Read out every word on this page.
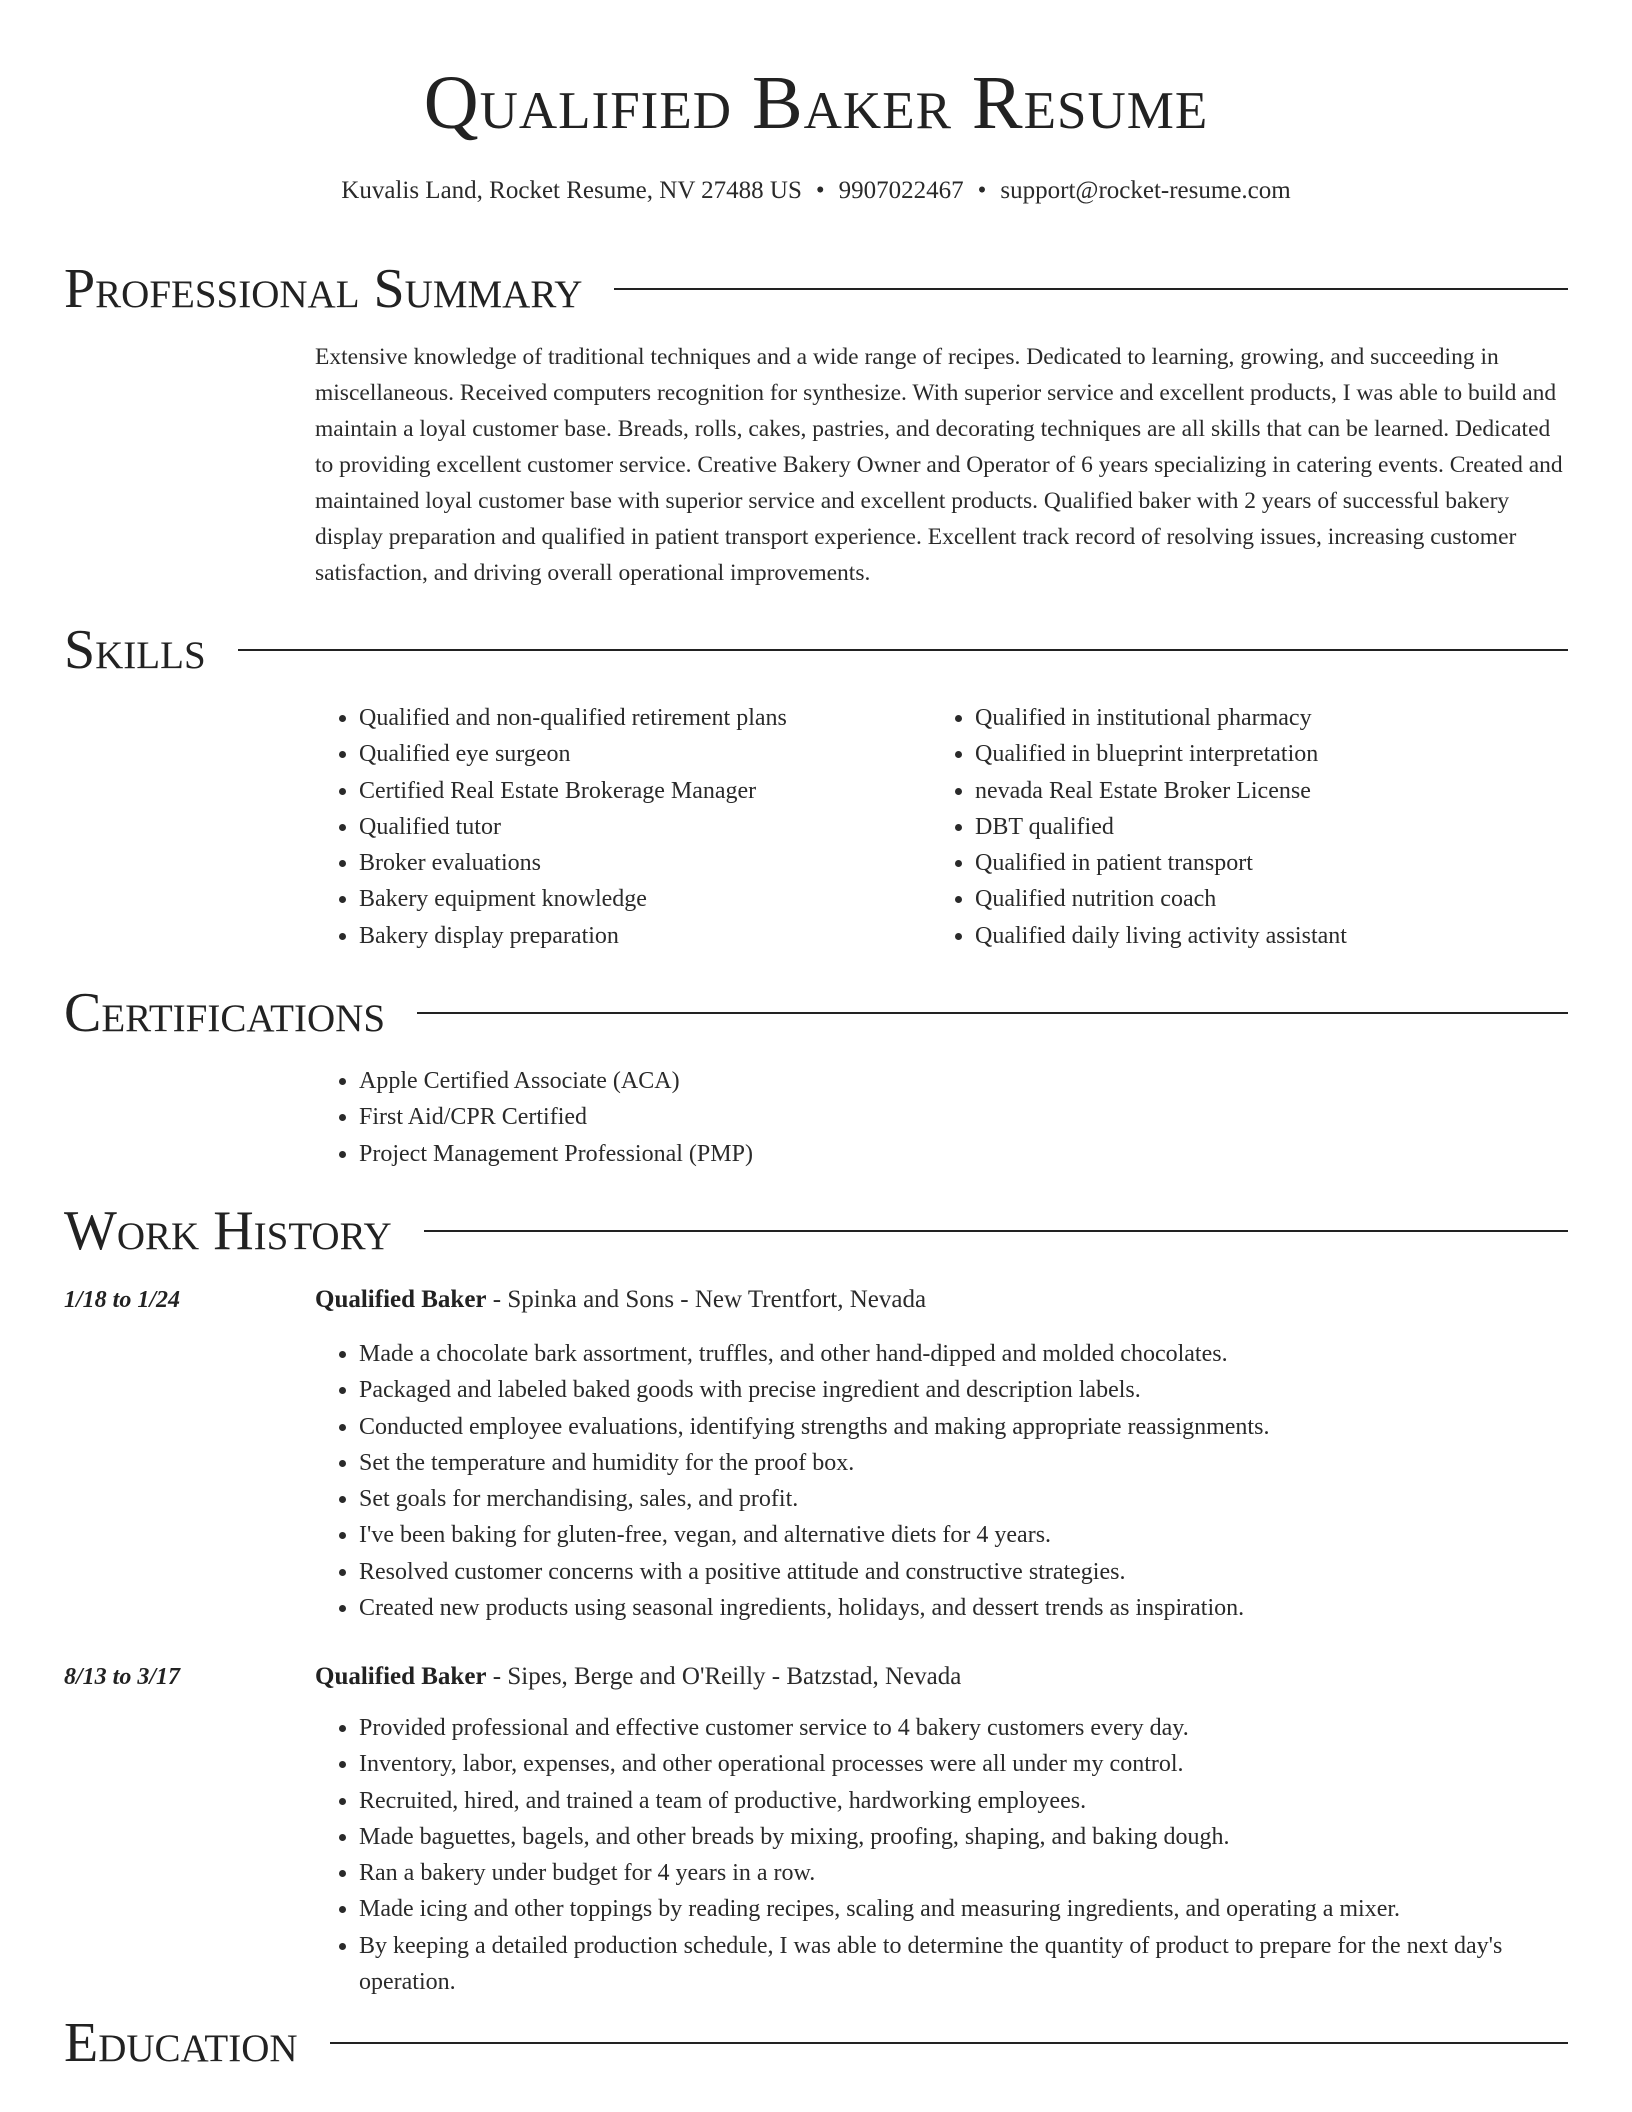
Qualified Baker Resume
Kuvalis Land, Rocket Resume, NV 27488 US • 9907022467 • support@rocket-resume.com
Professional Summary

Extensive knowledge of traditional techniques and a wide range of recipes. Dedicated to learning, growing, and succeeding in miscellaneous. Received computers recognition for synthesize. With superior service and excellent products, I was able to build and maintain a loyal customer base. Breads, rolls, cakes, pastries, and decorating techniques are all skills that can be learned. Dedicated to providing excellent customer service. Creative Bakery Owner and Operator of 6 years specializing in catering events. Created and maintained loyal customer base with superior service and excellent products. Qualified baker with 2 years of successful bakery display preparation and qualified in patient transport experience. Excellent track record of resolving issues, increasing customer satisfaction, and driving overall operational improvements.

Skills
• Qualified and non-qualified retirement plans
• Qualified eye surgeon
• Certified Real Estate Brokerage Manager
• Qualified tutor
• Broker evaluations
• Bakery equipment knowledge
• Bakery display preparation
• Qualified in institutional pharmacy
• Qualified in blueprint interpretation
• nevada Real Estate Broker License
• DBT qualified
• Qualified in patient transport
• Qualified nutrition coach
• Qualified daily living activity assistant
Certifications
• Apple Certified Associate (ACA)
• First Aid/CPR Certified
• Project Management Professional (PMP)
Work History
1/18 to 1/24	Qualified Baker - Spinka and Sons - New Trentfort, Nevada
• Made a chocolate bark assortment, truffles, and other hand-dipped and molded chocolates.
• Packaged and labeled baked goods with precise ingredient and description labels.
• Conducted employee evaluations, identifying strengths and making appropriate reassignments.
• Set the temperature and humidity for the proof box.
• Set goals for merchandising, sales, and profit.
• I've been baking for gluten-free, vegan, and alternative diets for 4 years.
• Resolved customer concerns with a positive attitude and constructive strategies.
• Created new products using seasonal ingredients, holidays, and dessert trends as inspiration.
8/13 to 3/17	Qualified Baker - Sipes, Berge and O'Reilly - Batzstad, Nevada
• Provided professional and effective customer service to 4 bakery customers every day.
• Inventory, labor, expenses, and other operational processes were all under my control.
• Recruited, hired, and trained a team of productive, hardworking employees.
• Made baguettes, bagels, and other breads by mixing, proofing, shaping, and baking dough.
• Ran a bakery under budget for 4 years in a row.
• Made icing and other toppings by reading recipes, scaling and measuring ingredients, and operating a mixer.
• By keeping a detailed production schedule, I was able to determine the quantity of product to prepare for the next day's operation.
Education
